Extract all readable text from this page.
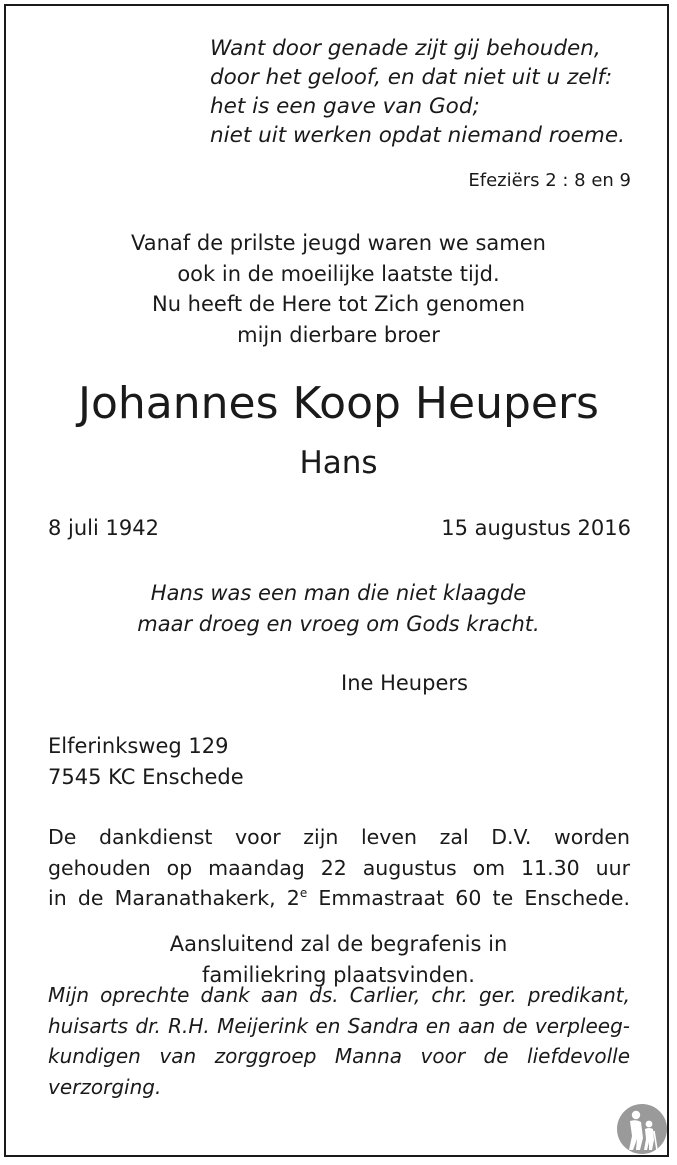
Want door genade zijt gij behouden,
door het geloof, en dat niet uit u zelf:
het is een gave van God;
niet uit werken opdat niemand roeme.
Efeziërs 2 : 8 en 9
Vanaf de prilste jeugd waren we samen
ook in de moeilijke laatste tijd.
Nu heeft de Here tot Zich genomen
mijn dierbare broer
Johannes Koop Heupers
Hans
8 juli 1942	15 augustus 2016
Hans was een man die niet klaagde
maar droeg en vroeg om Gods kracht.
Ine Heupers
Elferinksweg 129
7545 KC Enschede
De dankdienst voor zijn leven zal D.V. worden
gehouden op maandag 22 augustus om 11.30 uur
in de Maranathakerk, 2e Emmastraat 60 te Enschede.
Aansluitend zal de begrafenis in
familiekring plaatsvinden.
Mijn oprechte dank aan ds. Carlier, chr. ger. predikant,
huisarts dr. R.H. Meijerink en Sandra en aan de verpleeg-
kundigen van zorggroep Manna voor de liefdevolle
verzorging.
